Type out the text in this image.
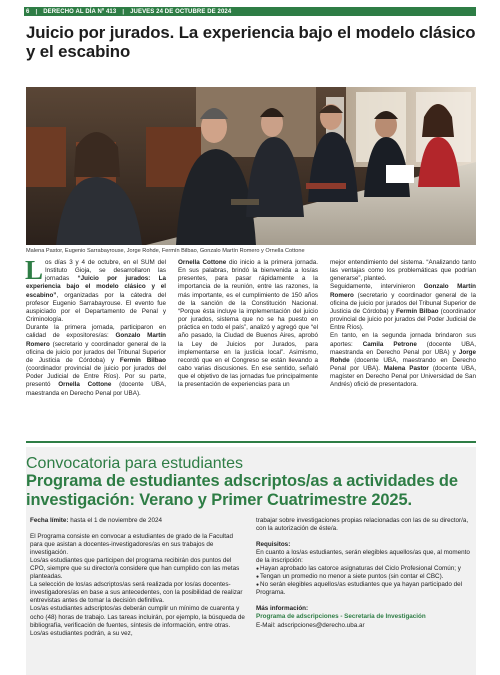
6 | DERECHO AL DÍA Nº 413 | JUEVES 24 DE OCTUBRE DE 2024
Juicio por jurados. La experiencia bajo el modelo clásico y el escabino
Malena Pastor, Eugenio Sarrabayrouse, Jorge Rohde, Fermín Bilbao, Gonzalo Martín Romero y Ornella Cottone

Los días 3 y 4 de octubre, en el SUM del Instituto Gioja, se desarrollaron las jornadas “Juicio por jurados: La experiencia bajo el modelo clásico y el escabino”, organizadas por la cátedra del profesor Eugenio Sarrabayrouse. El evento fue auspiciado por el Departamento de Penal y Criminología.

Durante la primera jornada, participaron en calidad de expositores/as: Gonzalo Martín Romero (secretario y coordinador general de la oficina de juicio por jurados del Tribunal Superior de Justicia de Córdoba) y Fermín Bilbao (coordinador provincial de juicio por jurados del Poder Judicial de Entre Ríos). Por su parte, presentó Ornella Cottone (docente UBA, maestranda en Derecho Penal por UBA).

Ornella Cottone dio inicio a la primera jornada. En sus palabras, brindó la bienvenida a los/as presentes, para pasar rápidamente a la importancia de la reunión, entre las razones, la más importante, es el cumplimiento de 150 años de la sanción de la Constitución Nacional. “Porque ésta incluye la implementación del juicio por jurados, sistema que no se ha puesto en práctica en todo el país”, analizó y agregó que “el año pasado, la Ciudad de Buenos Aires, aprobó la Ley de Juicios por Jurados, para implementarse en la justicia local”. Asimismo, recordó que en el Congreso se están llevando a cabo varias discusiones. En ese sentido, señaló que el objetivo de las jornadas fue principalmente la presentación de experiencias para un

mejor entendimiento del sistema. “Analizando tanto las ventajas como los problemáticas que podrían generarse”, planteó.

Seguidamente, intervinieron Gonzalo Martín Romero (secretario y coordinador general de la oficina de juicio por jurados del Tribunal Superior de Justicia de Córdoba) y Fermín Bilbao (coordinador provincial de juicio por jurados del Poder Judicial de Entre Ríos).

En tanto, en la segunda jornada brindaron sus aportes: Camila Petrone (docente UBA, maestranda en Derecho Penal por UBA) y Jorge Rohde (docente UBA, maestrando en Derecho Penal por UBA). Malena Pastor (docente UBA, magíster en Derecho Penal por Universidad de San Andrés) ofició de presentadora.

Convocatoria para estudiantes
Programa de estudiantes adscriptos/as a actividades de investigación: Verano y Primer Cuatrimestre 2025.

Fecha límite: hasta el 1 de noviembre de 2024

El Programa consiste en convocar a estudiantes de grado de la Facultad para que asistan a docentes-investigadores/as en sus trabajos de investigación.

Los/as estudiantes que participen del programa recibirán dos puntos del CPO, siempre que su director/a considere que han cumplido con las metas planteadas.

La selección de los/as adscriptos/as será realizada por los/as docentes-investigadores/as en base a sus antecedentes, con la posibilidad de realizar entrevistas antes de tomar la decisión definitiva.

Los/as estudiantes adscriptos/as deberán cumplir un mínimo de cuarenta y ocho (48) horas de trabajo. Las tareas incluirán, por ejemplo, la búsqueda de bibliografía, verificación de fuentes, síntesis de información, entre otras. Los/as estudiantes podrán, a su vez,

trabajar sobre investigaciones propias relacionadas con las de su director/a, con la autorización de éste/a.

Requisitos:

En cuanto a los/as estudiantes, serán elegibles aquellos/as que, al momento de la inscripción:

● Hayan aprobado las catorce asignaturas del Ciclo Profesional Común; y

● Tengan un promedio no menor a siete puntos (sin contar el CBC).

● No serán elegibles aquellos/as estudiantes que ya hayan participado del Programa.

Más información:

Programa de adscripciones - Secretaría de Investigación

E-Mail: adscripciones@derecho.uba.ar
